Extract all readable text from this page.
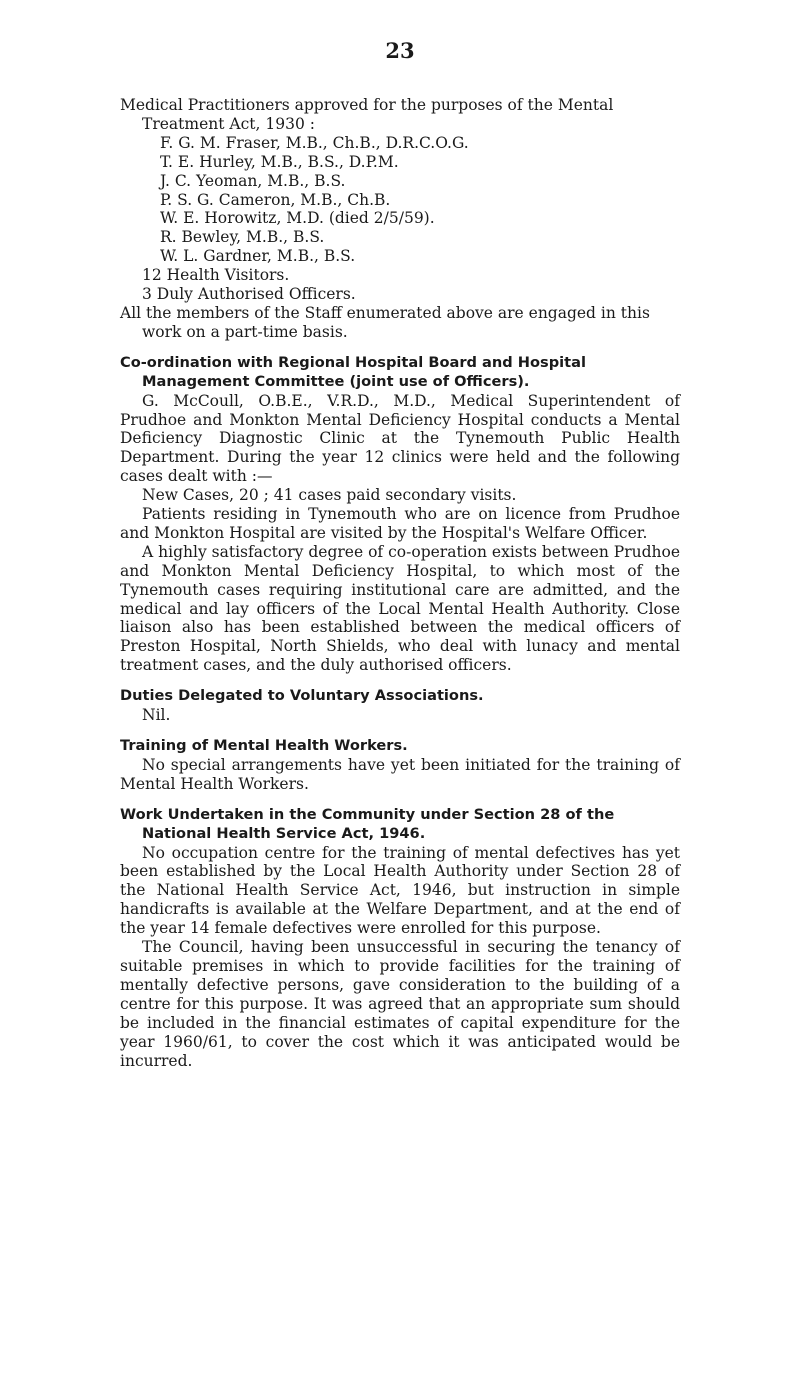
23

Medical Practitioners approved for the purposes of the Mental Treatment Act, 1930 :

F. G. M. Fraser, M.B., Ch.B., D.R.C.O.G.
T. E. Hurley, M.B., B.S., D.P.M.
J. C. Yeoman, M.B., B.S.
P. S. G. Cameron, M.B., Ch.B.
W. E. Horowitz, M.D. (died 2/5/59).
R. Bewley, M.B., B.S.
W. L. Gardner, M.B., B.S.
12 Health Visitors.
3 Duly Authorised Officers.

All the members of the Staff enumerated above are engaged in this work on a part-time basis.

Co-ordination with Regional Hospital Board and Hospital Management Committee (joint use of Officers).

G. McCoull, O.B.E., V.R.D., M.D., Medical Superintendent of Prudhoe and Monkton Mental Deficiency Hospital conducts a Mental Deficiency Diagnostic Clinic at the Tynemouth Public Health Department. During the year 12 clinics were held and the following cases dealt with :—

New Cases, 20 ; 41 cases paid secondary visits.

Patients residing in Tynemouth who are on licence from Prudhoe and Monkton Hospital are visited by the Hospital's Welfare Officer.

A highly satisfactory degree of co-operation exists between Prudhoe and Monkton Mental Deficiency Hospital, to which most of the Tynemouth cases requiring institutional care are admitted, and the medical and lay officers of the Local Mental Health Authority. Close liaison also has been established between the medical officers of Preston Hospital, North Shields, who deal with lunacy and mental treatment cases, and the duly authorised officers.

Duties Delegated to Voluntary Associations.

Nil.

Training of Mental Health Workers.

No special arrangements have yet been initiated for the training of Mental Health Workers.

Work Undertaken in the Community under Section 28 of the National Health Service Act, 1946.

No occupation centre for the training of mental defectives has yet been established by the Local Health Authority under Section 28 of the National Health Service Act, 1946, but instruction in simple handicrafts is available at the Welfare Department, and at the end of the year 14 female defectives were enrolled for this purpose.

The Council, having been unsuccessful in securing the tenancy of suitable premises in which to provide facilities for the training of mentally defective persons, gave consideration to the building of a centre for this purpose. It was agreed that an appropriate sum should be included in the financial estimates of capital expenditure for the year 1960/61, to cover the cost which it was anticipated would be incurred.
